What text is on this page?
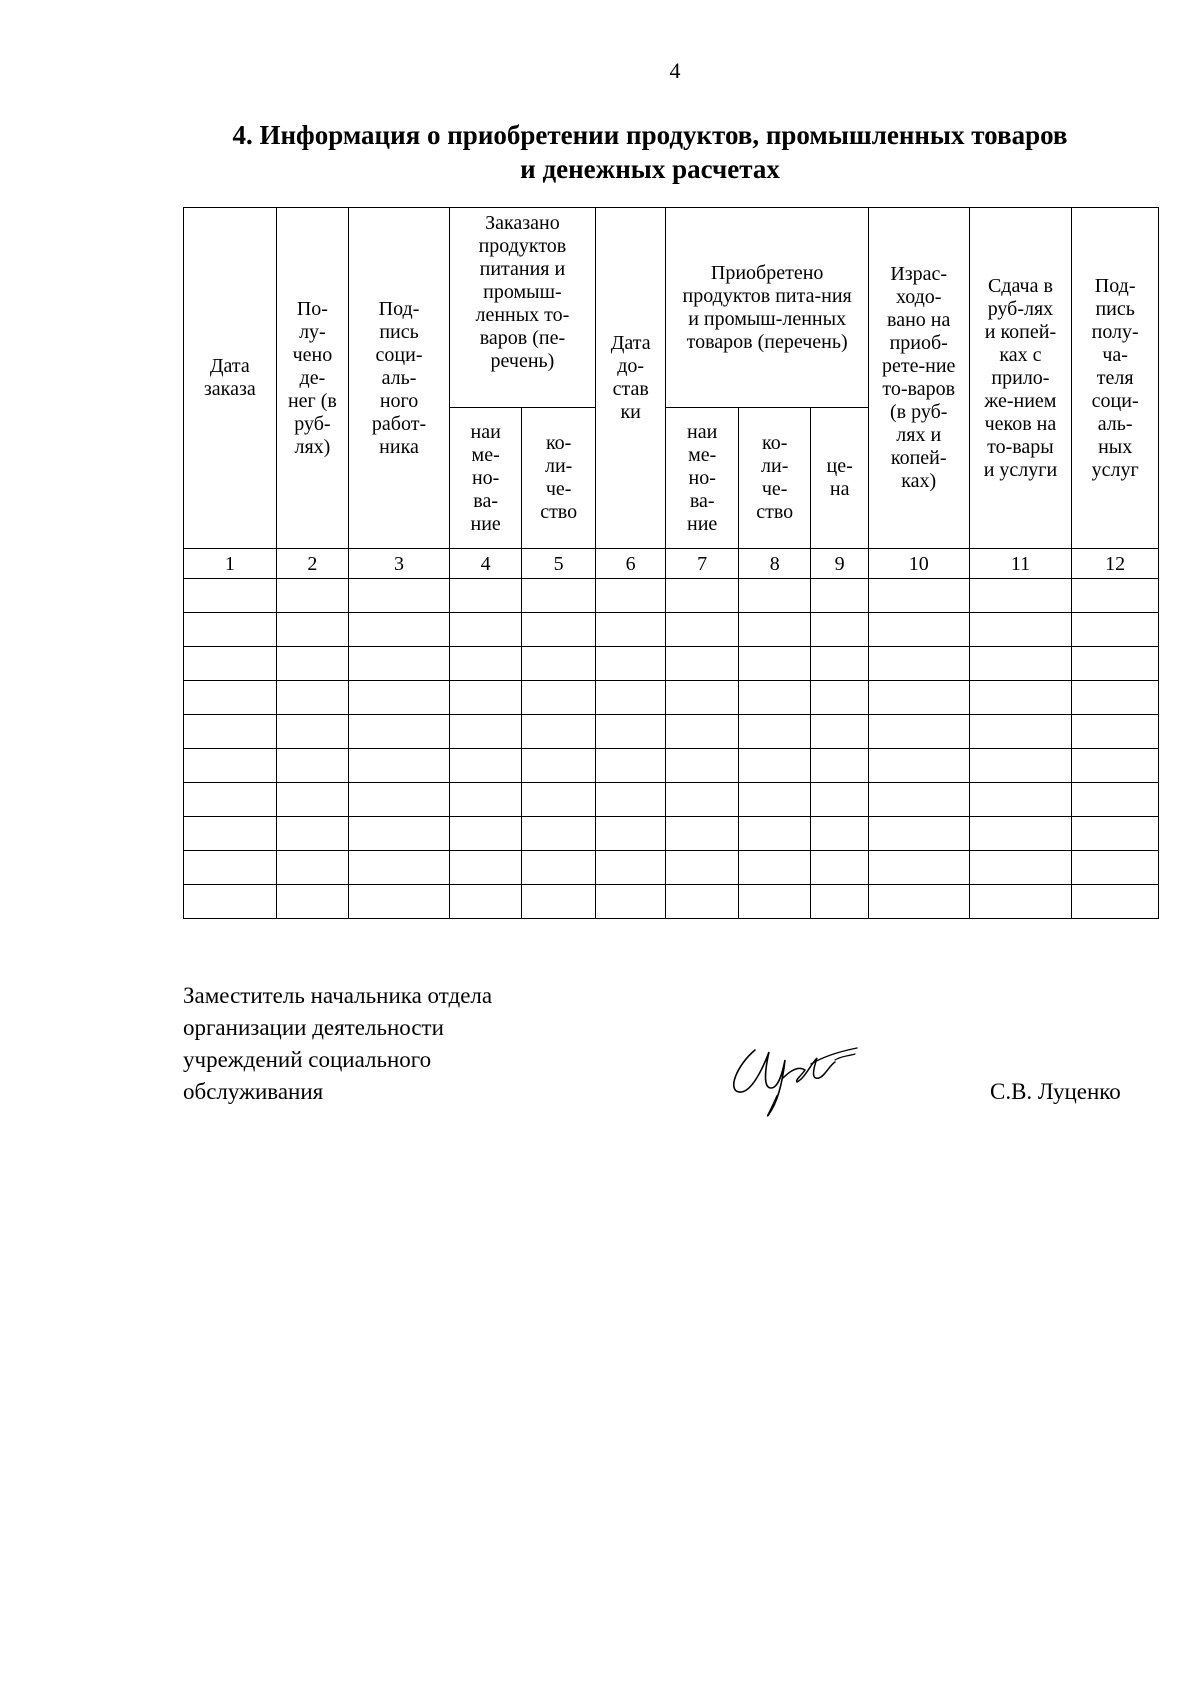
4
4. Информация о приобретении продуктов, промышленных товаров
и денежных расчетах
Дата заказа	По-лу-чено де-нег (в руб-лях)	Под-пись соци-аль-ного работ-ника	Заказано продуктов питания и промыш-ленных то-варов (пе-речень)		Дата до-став ки	Приобретено продуктов пита-ния и промыш-ленных товаров (перечень)			Израс-ходо-вано на приоб-рете-ние то-варов (в руб-лях и копей-ках)	Сдача в руб-лях и копей-ках с прило-же-нием чеков на то-вары и услуги	Под-пись полу-ча-теля соци-аль-ных услуг
			наи ме-но-ва-ние	ко-ли-че-ство		наи ме-но-ва-ние	ко-ли-че-ство	це-на			
1	2	3	4	5	6	7	8	9	10	11	12

Заместитель начальника отдела
организации деятельности
учреждений социального
обслуживания	С.В. Луценко
